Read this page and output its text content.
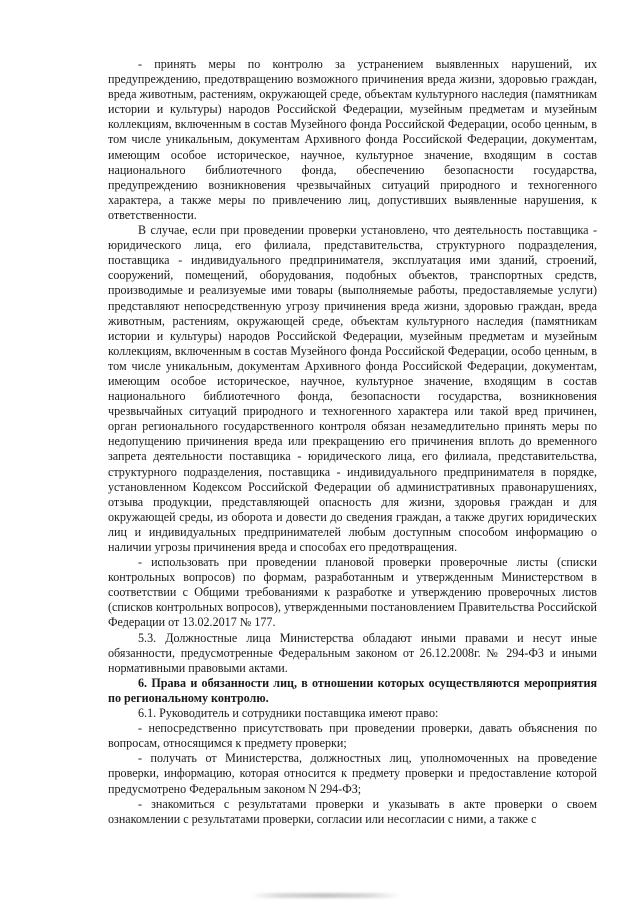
- принять меры по контролю за устранением выявленных нарушений, их предупреждению, предотвращению возможного причинения вреда жизни, здоровью граждан, вреда животным, растениям, окружающей среде, объектам культурного наследия (памятникам истории и культуры) народов Российской Федерации, музейным предметам и музейным коллекциям, включенным в состав Музейного фонда Российской Федерации, особо ценным, в том числе уникальным, документам Архивного фонда Российской Федерации, документам, имеющим особое историческое, научное, культурное значение, входящим в состав национального библиотечного фонда, обеспечению безопасности государства, предупреждению возникновения чрезвычайных ситуаций природного и техногенного характера, а также меры по привлечению лиц, допустивших выявленные нарушения, к ответственности.

В случае, если при проведении проверки установлено, что деятельность поставщика - юридического лица, его филиала, представительства, структурного подразделения, поставщика - индивидуального предпринимателя, эксплуатация ими зданий, строений, сооружений, помещений, оборудования, подобных объектов, транспортных средств, производимые и реализуемые ими товары (выполняемые работы, предоставляемые услуги) представляют непосредственную угрозу причинения вреда жизни, здоровью граждан, вреда животным, растениям, окружающей среде, объектам культурного наследия (памятникам истории и культуры) народов Российской Федерации, музейным предметам и музейным коллекциям, включенным в состав Музейного фонда Российской Федерации, особо ценным, в том числе уникальным, документам Архивного фонда Российской Федерации, документам, имеющим особое историческое, научное, культурное значение, входящим в состав национального библиотечного фонда, безопасности государства, возникновения чрезвычайных ситуаций природного и техногенного характера или такой вред причинен, орган регионального государственного контроля обязан незамедлительно принять меры по недопущению причинения вреда или прекращению его причинения вплоть до временного запрета деятельности поставщика - юридического лица, его филиала, представительства, структурного подразделения, поставщика - индивидуального предпринимателя в порядке, установленном Кодексом Российской Федерации об административных правонарушениях, отзыва продукции, представляющей опасность для жизни, здоровья граждан и для окружающей среды, из оборота и довести до сведения граждан, а также других юридических лиц и индивидуальных предпринимателей любым доступным способом информацию о наличии угрозы причинения вреда и способах его предотвращения.

- использовать при проведении плановой проверки проверочные листы (списки контрольных вопросов) по формам, разработанным и утвержденным Министерством в соответствии с Общими требованиями к разработке и утверждению проверочных листов (списков контрольных вопросов), утвержденными постановлением Правительства Российской Федерации от 13.02.2017 № 177.

5.3. Должностные лица Министерства обладают иными правами и несут иные обязанности, предусмотренные Федеральным законом от 26.12.2008г. № 294-ФЗ и иными нормативными правовыми актами.

6. Права и обязанности лиц, в отношении которых осуществляются мероприятия по региональному контролю.

6.1. Руководитель и сотрудники поставщика имеют право:

- непосредственно присутствовать при проведении проверки, давать объяснения по вопросам, относящимся к предмету проверки;

- получать от Министерства, должностных лиц, уполномоченных на проведение проверки, информацию, которая относится к предмету проверки и предоставление которой предусмотрено Федеральным законом N 294-ФЗ;

- знакомиться с результатами проверки и указывать в акте проверки о своем ознакомлении с результатами проверки, согласии или несогласии с ними, а также с
